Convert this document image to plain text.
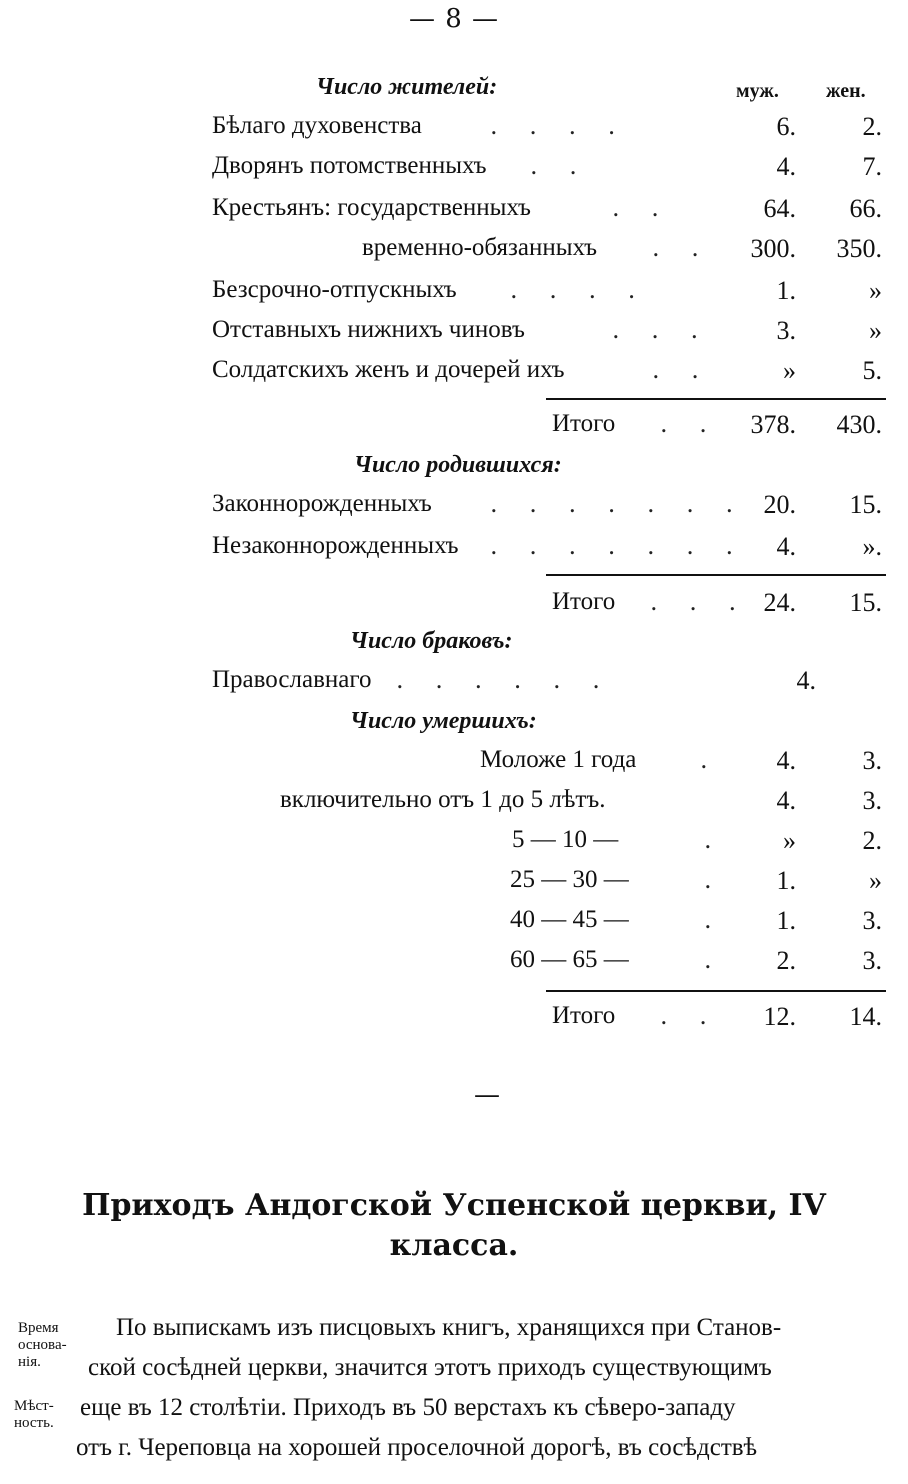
— 8 —
Число жителей:	муж. жен.
Бѣлаго духовенства	. . . .	6.	2.
Дворянъ потомственныхъ . .	4.	7.
Крестьянъ: государственныхъ	. .	64.	66.
временно-обязанныхъ . .	300.	350.
Безсрочно-отпускныхъ . . . .	1.	»
Отставныхъ нижнихъ чиновъ	. . .	3.	»
Солдатскихъ женъ и дочерей ихъ	. .	»	5.
Итого . .	378.	430.
Число родившихся:
Законнорожденныхъ . . . . . . . 20.	15.
Незаконнорожденныхъ . . . . . . .	4.	».
Итого . . . 24.	15.
Число браковъ:
Православнаго . . . . . .	4.
Число умершихъ:
Моложе 1 года	.	4.	3.
включительно отъ 1 до 5 лѣтъ.	4.	3.
5 — 10 —	.	»	2.
25 — 30 —	.	1.	»
40 — 45 —	.	1.	3.
60 — 65 —	.	2.	3.
Итого . .	12.	14.
—
Приходъ Андогской Успенской церкви, IV
класса.
Время основа- нія.
Мѣст- ность.
По выпискамъ изъ писцовыхъ книгъ, хранящихся при Станов-
ской сосѣдней церкви, значится этотъ приходъ существующимъ
еще въ 12 столѣтіи. Приходъ въ 50 верстахъ къ сѣверо-западу
отъ г. Череповца на хорошей проселочной дорогѣ, въ сосѣдствѣ
